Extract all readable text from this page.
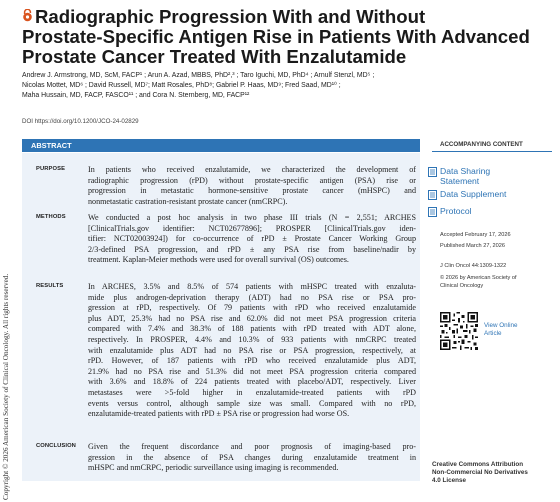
Copyright © 2026 American Society of Clinical Oncology. All rights reserved.
Radiographic Progression With and Without
Prostate-Specific Antigen Rise in Patients With Advanced
Prostate Cancer Treated With Enzalutamide
Andrew J. Armstrong, MD, ScM, FACP¹ ; Arun A. Azad, MBBS, PhD²,³ ; Taro Iguchi, MD, PhD⁴ ; Arnulf Stenzl, MD⁵ ;
Nicolas Mottet, MD⁶ ; David Russell, MD⁷; Matt Rosales, PhD⁸; Gabriel P. Haas, MD⁹; Fred Saad, MD¹⁰ ;
Maha Hussain, MD, FACP, FASCO¹¹ ; and Cora N. Sternberg, MD, FACP¹²
DOI https://doi.org/10.1200/JCO-24-02829
ABSTRACT
PURPOSE	In patients who received enzalutamide, we characterized the development of
radiographic progression (rPD) without prostate-specific antigen (PSA) rise or
progression in metastatic hormone-sensitive prostate cancer (mHSPC) and
nonmetastatic castration-resistant prostate cancer (nmCRPC).
METHODS	We conducted a post hoc analysis in two phase III trials (N = 2,551; ARCHES
[ClinicalTrials.gov identifier: NCT02677896]; PROSPER [ClinicalTrials.gov iden-
tifier: NCT02003924]) for co-occurrence of rPD ± Prostate Cancer Working Group
2/3-defined PSA progression, and rPD ± any PSA rise from baseline/nadir by
treatment. Kaplan-Meier methods were used for overall survival (OS) outcomes.
RESULTS	In ARCHES, 3.5% and 8.5% of 574 patients with mHSPC treated with enzaluta-
mide plus androgen-deprivation therapy (ADT) had no PSA rise or PSA pro-
gression at rPD, respectively. Of 79 patients with rPD who received enzalutamide
plus ADT, 25.3% had no PSA rise and 62.0% did not meet PSA progression criteria
compared with 7.4% and 38.3% of 188 patients with rPD treated with ADT alone,
respectively. In PROSPER, 4.4% and 10.3% of 933 patients with nmCRPC treated
with enzalutamide plus ADT had no PSA rise or PSA progression, respectively, at
rPD. However, of 187 patients with rPD who received enzalutamide plus ADT,
21.9% had no PSA rise and 51.3% did not meet PSA progression criteria compared
with 3.6% and 18.8% of 224 patients treated with placebo/ADT, respectively. Liver
metastases were >5-fold higher in enzalutamide-treated patients with rPD
events versus control, although sample size was small. Compared with no rPD,
enzalutamide-treated patients with rPD ± PSA rise or progression had worse OS.
CONCLUSION Given the frequent discordance and poor prognosis of imaging-based pro-
gression in the absence of PSA changes during enzalutamide treatment in
mHSPC and nmCRPC, periodic surveillance using imaging is recommended.
ACCOMPANYING CONTENT
Data Sharing
Statement
Data Supplement
Protocol
Accepted February 17, 2026
Published March 27, 2026
J Clin Oncol 44:1309-1322
© 2026 by American Society of
Clinical Oncology
View Online
Article
Creative Commons Attribution
Non-Commercial No Derivatives
4.0 License
